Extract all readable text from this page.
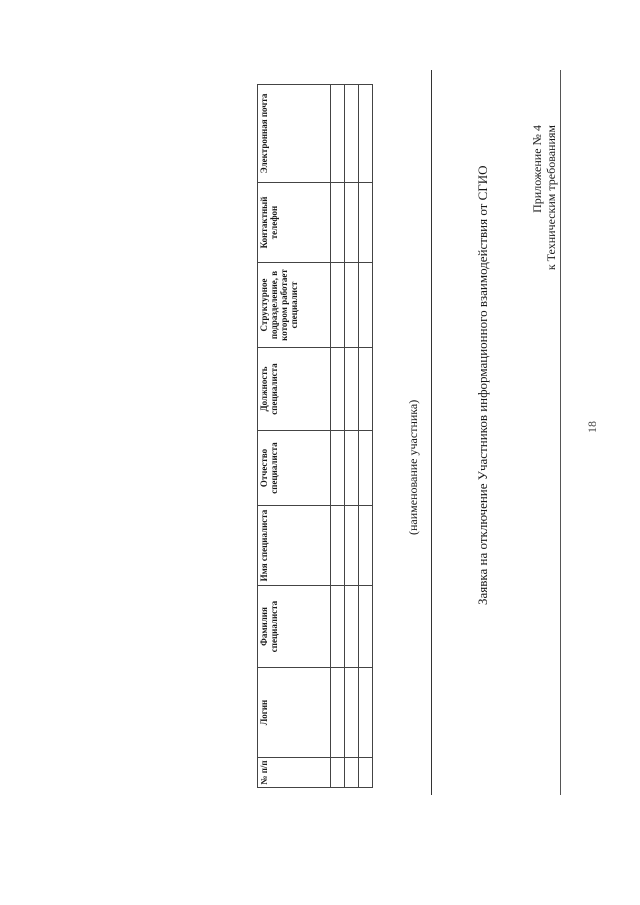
18
Приложение № 4 к Техническим требованиям
Заявка на отключение Участников информационного взаимодействия от СГИО
(наименование участника)
№ п/п	Логин	Фамилия специалиста	Имя специалиста	Отчество специалиста	Должность специалиста	Структурное подразделение, в котором работает специалист	Контактный телефон	Электронная почта
